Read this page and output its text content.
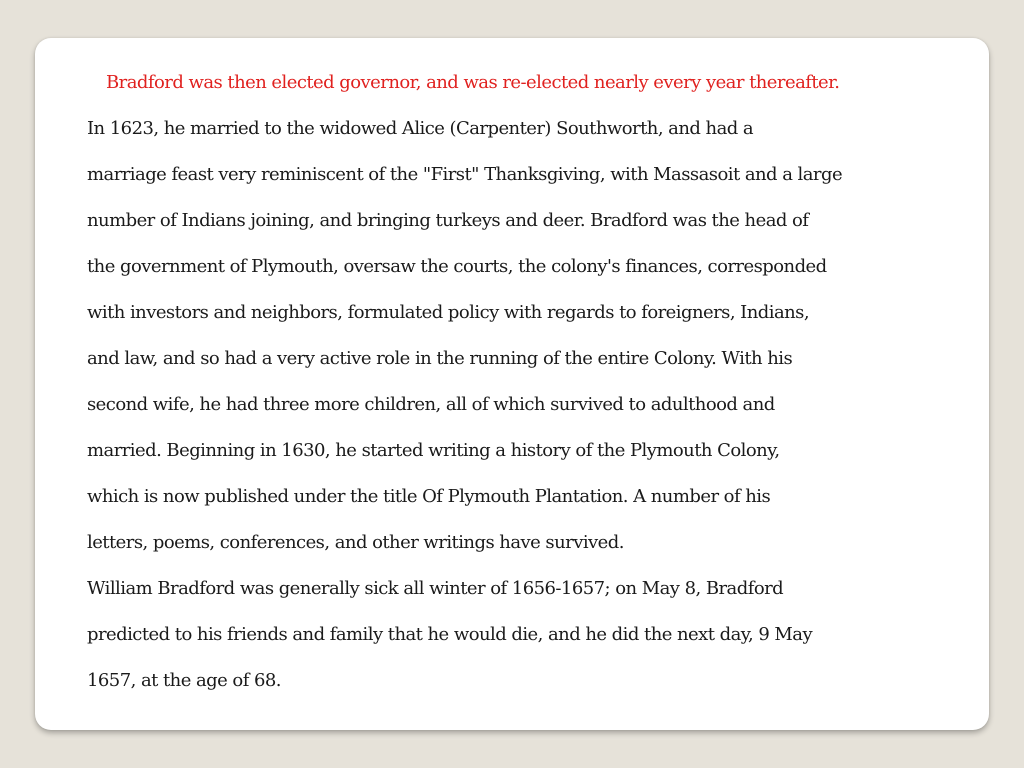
Bradford was then elected governor, and was re-elected nearly every year thereafter.
In 1623, he married to the widowed Alice (Carpenter) Southworth, and had a
marriage feast very reminiscent of the "First" Thanksgiving, with Massasoit and a large
number of Indians joining, and bringing turkeys and deer. Bradford was the head of
the government of Plymouth, oversaw the courts, the colony's finances, corresponded
with investors and neighbors, formulated policy with regards to foreigners, Indians,
and law, and so had a very active role in the running of the entire Colony. With his
second wife, he had three more children, all of which survived to adulthood and
married. Beginning in 1630, he started writing a history of the Plymouth Colony,
which is now published under the title Of Plymouth Plantation. A number of his
letters, poems, conferences, and other writings have survived.
William Bradford was generally sick all winter of 1656-1657; on May 8, Bradford
predicted to his friends and family that he would die, and he did the next day, 9 May
1657, at the age of 68.
